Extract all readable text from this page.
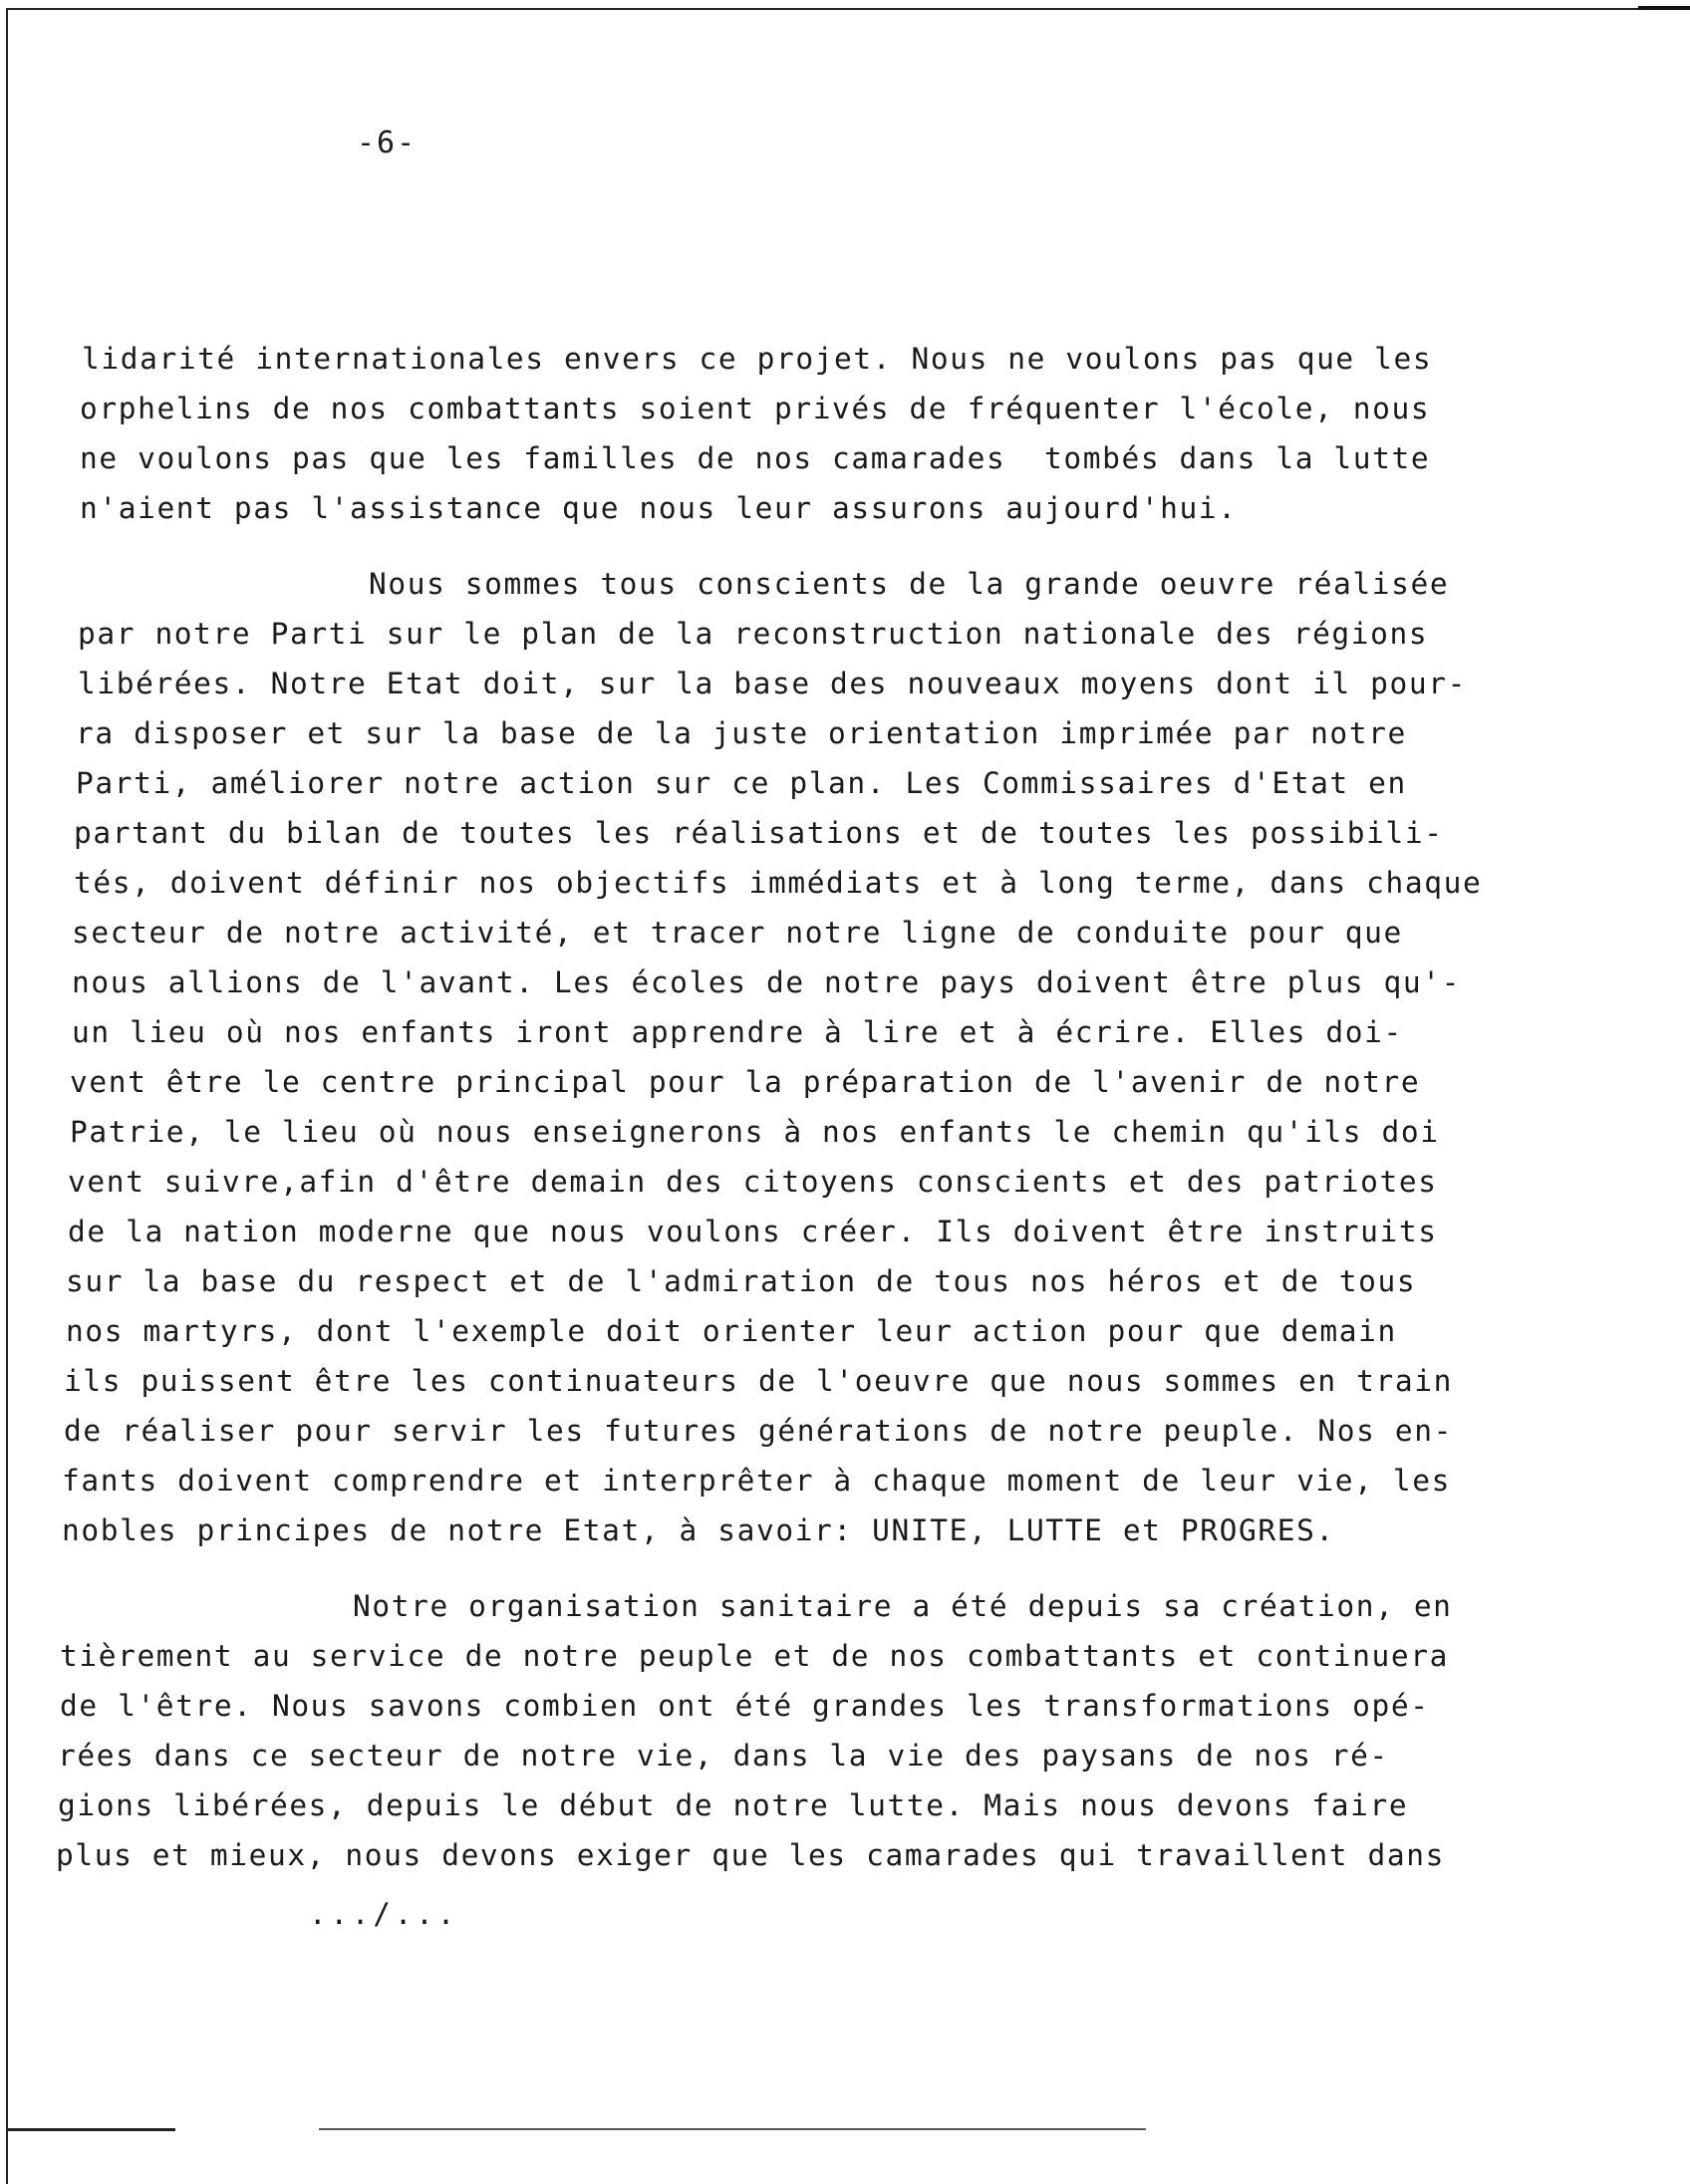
-6-
lidarité internationales envers ce projet. Nous ne voulons pas que les
orphelins de nos combattants soient privés de fréquenter l'école, nous
ne voulons pas que les familles de nos camarades  tombés dans la lutte
n'aient pas l'assistance que nous leur assurons aujourd'hui.
Nous sommes tous conscients de la grande oeuvre réalisée
par notre Parti sur le plan de la reconstruction nationale des régions
libérées. Notre Etat doit, sur la base des nouveaux moyens dont il pour-
ra disposer et sur la base de la juste orientation imprimée par notre
Parti, améliorer notre action sur ce plan. Les Commissaires d'Etat en
partant du bilan de toutes les réalisations et de toutes les possibili-
tés, doivent définir nos objectifs immédiats et à long terme, dans chaque
secteur de notre activité, et tracer notre ligne de conduite pour que
nous allions de l'avant. Les écoles de notre pays doivent être plus qu'-
un lieu où nos enfants iront apprendre à lire et à écrire. Elles doi-
vent être le centre principal pour la préparation de l'avenir de notre
Patrie, le lieu où nous enseignerons à nos enfants le chemin qu'ils doi
vent suivre,afin d'être demain des citoyens conscients et des patriotes
de la nation moderne que nous voulons créer. Ils doivent être instruits
sur la base du respect et de l'admiration de tous nos héros et de tous
nos martyrs, dont l'exemple doit orienter leur action pour que demain
ils puissent être les continuateurs de l'oeuvre que nous sommes en train
de réaliser pour servir les futures générations de notre peuple. Nos en-
fants doivent comprendre et interprêter à chaque moment de leur vie, les
nobles principes de notre Etat, à savoir: UNITE, LUTTE et PROGRES.
Notre organisation sanitaire a été depuis sa création, en
tièrement au service de notre peuple et de nos combattants et continuera
de l'être. Nous savons combien ont été grandes les transformations opé-
rées dans ce secteur de notre vie, dans la vie des paysans de nos ré-
gions libérées, depuis le début de notre lutte. Mais nous devons faire
plus et mieux, nous devons exiger que les camarades qui travaillent dans
.../...
